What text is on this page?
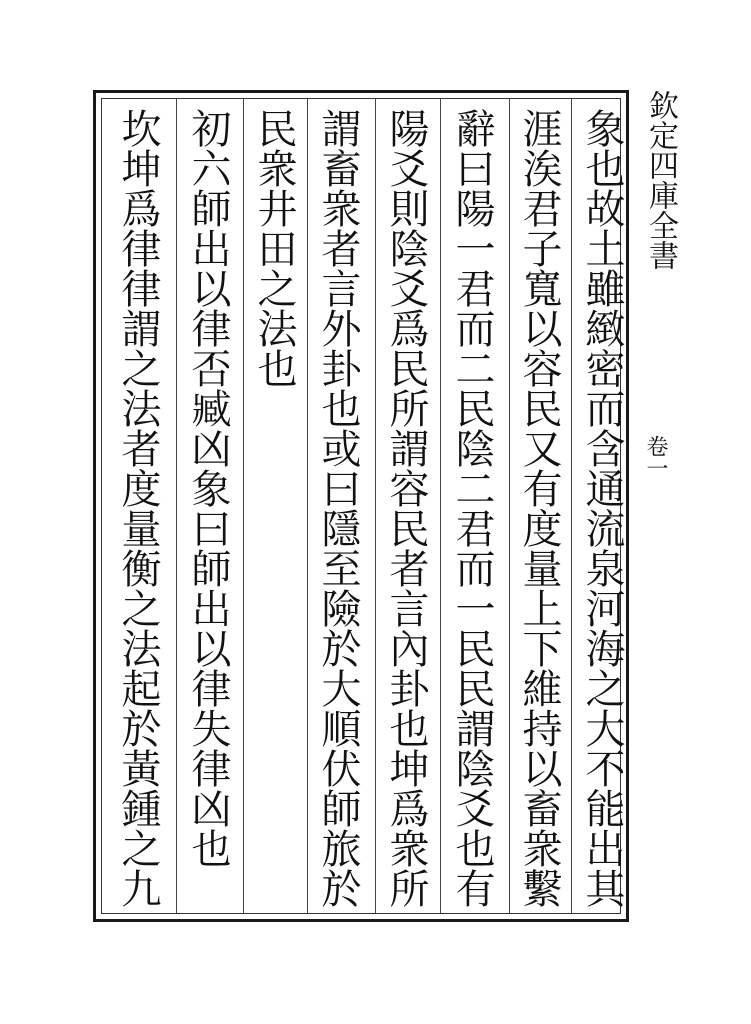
欽定四庫全書
卷一
象也故土雖緻密而含通流泉河海之大不能出其
涯涘君子寬以容民又有度量上下維持以畜衆繫
辭曰陽一君而二民陰二君而一民民謂陰爻也有
陽爻則陰爻爲民所謂容民者言內卦也坤爲衆所
謂畜衆者言外卦也或曰隱至險於大順伏師旅於
民衆井田之法也
初六師出以律否臧凶象曰師出以律失律凶也
坎坤爲律律謂之法者度量衡之法起於黃鍾之九
